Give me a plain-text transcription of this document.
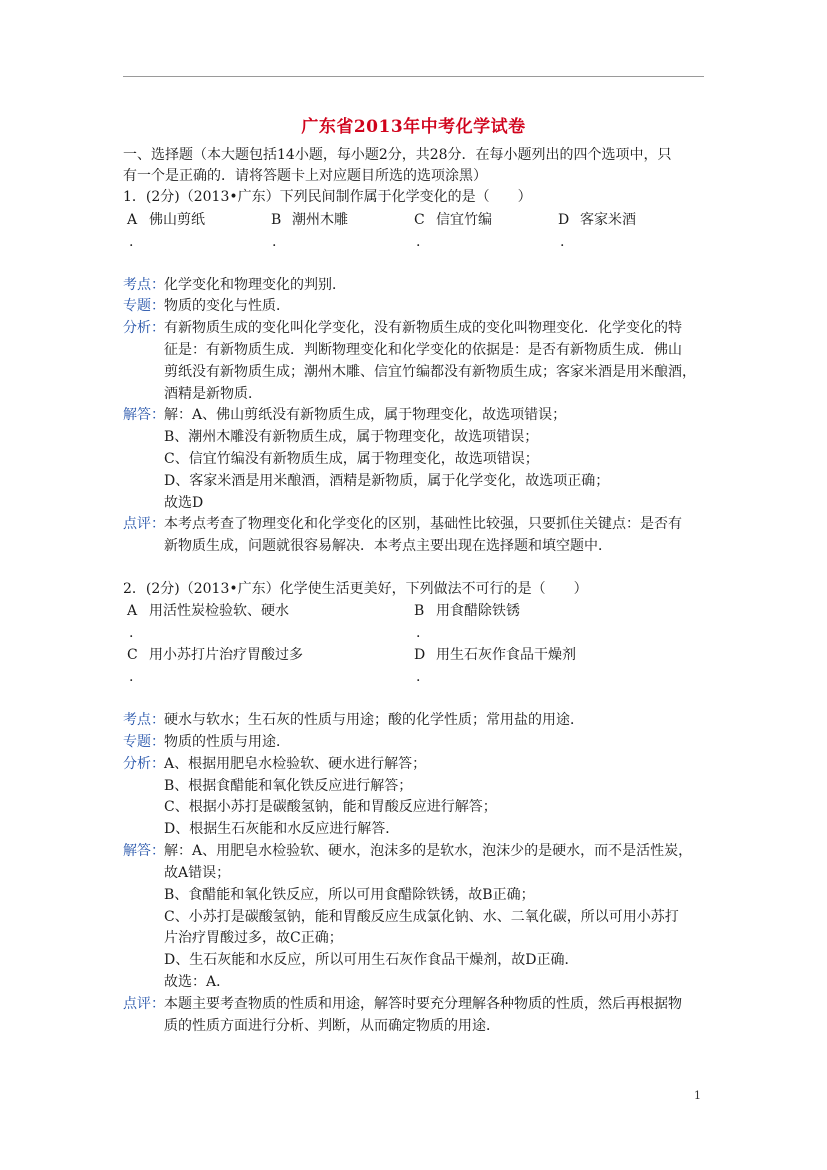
广东省2013年中考化学试卷
一、选择题（本大题包括14小题，每小题2分，共28分．在每小题列出的四个选项中，只
有一个是正确的．请将答题卡上对应题目所选的选项涂黑）
1．(2分)（2013•广东）下列民间制作属于化学变化的是（　　）
A 佛山剪纸
.
B 潮州木雕
.
C 信宜竹编
.
D 客家米酒
.
考点： 化学变化和物理变化的判别．
专题： 物质的变化与性质．
分析： 有新物质生成的变化叫化学变化，没有新物质生成的变化叫物理变化．化学变化的特
征是：有新物质生成．判断物理变化和化学变化的依据是：是否有新物质生成．佛山
剪纸没有新物质生成；潮州木雕、信宜竹编都没有新物质生成；客家米酒是用米酿酒，
酒精是新物质．
解答： 解：A、佛山剪纸没有新物质生成，属于物理变化，故选项错误；
B、潮州木雕没有新物质生成，属于物理变化，故选项错误；
C、信宜竹编没有新物质生成，属于物理变化，故选项错误；
D、客家米酒是用米酿酒，酒精是新物质，属于化学变化，故选项正确；
故选D
点评： 本考点考查了物理变化和化学变化的区别，基础性比较强，只要抓住关键点：是否有
新物质生成，问题就很容易解决．本考点主要出现在选择题和填空题中．
2．(2分)（2013•广东）化学使生活更美好，下列做法不可行的是（　　）
A 用活性炭检验软、硬水
.
B 用食醋除铁锈
.
C 用小苏打片治疗胃酸过多
.
D 用生石灰作食品干燥剂
.
考点： 硬水与软水；生石灰的性质与用途；酸的化学性质；常用盐的用途．
专题： 物质的性质与用途．
分析： A、根据用肥皂水检验软、硬水进行解答；
B、根据食醋能和氧化铁反应进行解答；
C、根据小苏打是碳酸氢钠，能和胃酸反应进行解答；
D、根据生石灰能和水反应进行解答．
解答： 解：A、用肥皂水检验软、硬水，泡沫多的是软水，泡沫少的是硬水，而不是活性炭，
故A错误；
B、食醋能和氧化铁反应，所以可用食醋除铁锈，故B正确；
C、小苏打是碳酸氢钠，能和胃酸反应生成氯化钠、水、二氧化碳，所以可用小苏打
片治疗胃酸过多，故C正确；
D、生石灰能和水反应，所以可用生石灰作食品干燥剂，故D正确．
故选：A．
点评： 本题主要考查物质的性质和用途，解答时要充分理解各种物质的性质，然后再根据物
质的性质方面进行分析、判断，从而确定物质的用途．
1
